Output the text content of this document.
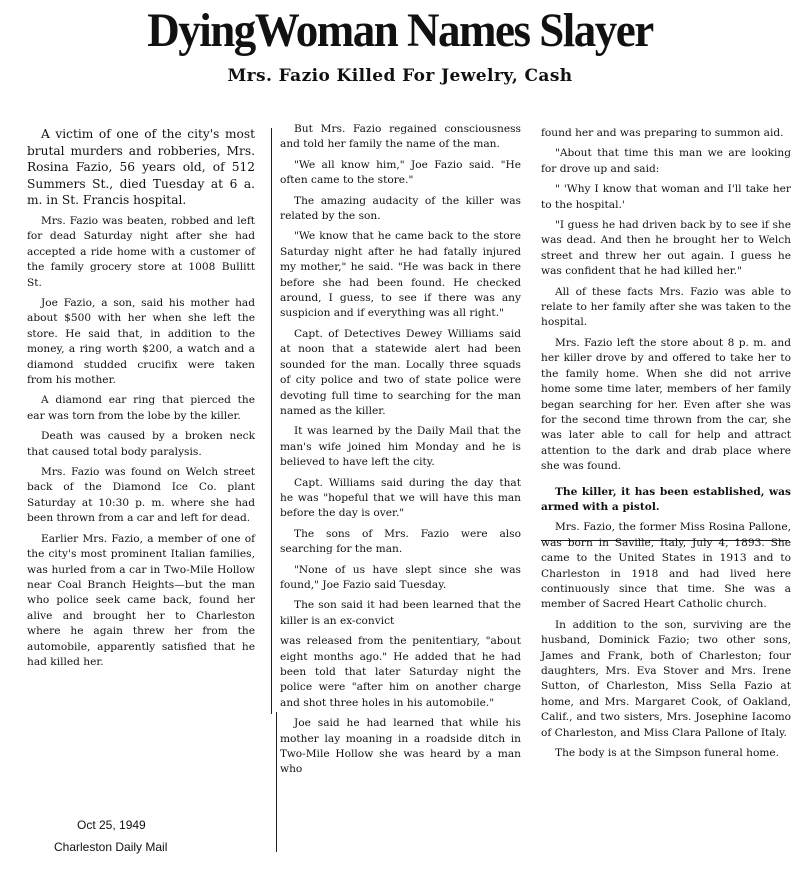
DyingWoman Names Slayer
Mrs. Fazio Killed For Jewelry, Cash

A victim of one of the city's most brutal murders and robberies, Mrs. Rosina Fazio, 56 years old, of 512 Summers St., died Tuesday at 6 a. m. in St. Francis hospital.

Mrs. Fazio was beaten, robbed and left for dead Saturday night after she had accepted a ride home with a customer of the family grocery store at 1008 Bullitt St.

Joe Fazio, a son, said his mother had about $500 with her when she left the store. He said that, in addition to the money, a ring worth $200, a watch and a diamond studded crucifix were taken from his mother.

A diamond ear ring that pierced the ear was torn from the lobe by the killer.

Death was caused by a broken neck that caused total body paralysis.

Mrs. Fazio was found on Welch street back of the Diamond Ice Co. plant Saturday at 10:30 p. m. where she had been thrown from a car and left for dead.

Earlier Mrs. Fazio, a member of one of the city's most prominent Italian families, was hurled from a car in Two-Mile Hollow near Coal Branch Heights—but the man who police seek came back, found her alive and brought her to Charleston where he again threw her from the automobile, apparently satisfied that he had killed her.

But Mrs. Fazio regained consciousness and told her family the name of the man.

"We all know him," Joe Fazio said. "He often came to the store."

The amazing audacity of the killer was related by the son.

"We know that he came back to the store Saturday night after he had fatally injured my mother," he said. "He was back in there before she had been found. He checked around, I guess, to see if there was any suspicion and if everything was all right."

Capt. of Detectives Dewey Williams said at noon that a statewide alert had been sounded for the man. Locally three squads of city police and two of state police were devoting full time to searching for the man named as the killer.

It was learned by the Daily Mail that the man's wife joined him Monday and he is believed to have left the city.

Capt. Williams said during the day that he was "hopeful that we will have this man before the day is over."

The sons of Mrs. Fazio were also searching for the man.

"None of us have slept since she was found," Joe Fazio said Tuesday.

The son said it had been learned that the killer is an ex-convict

was released from the penitentiary, "about eight months ago." He added that he had been told that later Saturday night the police were "after him on another charge and shot three holes in his automobile."

Joe said he had learned that while his mother lay moaning in a roadside ditch in Two-Mile Hollow she was heard by a man who

found her and was preparing to summon aid.

"About that time this man we are looking for drove up and said:

" 'Why I know that woman and I'll take her to the hospital.'

"I guess he had driven back by to see if she was dead. And then he brought her to Welch street and threw her out again. I guess he was confident that he had killed her."

All of these facts Mrs. Fazio was able to relate to her family after she was taken to the hospital.

Mrs. Fazio left the store about 8 p. m. and her killer drove by and offered to take her to the family home. When she did not arrive home some time later, members of her family began searching for her. Even after she was for the second time thrown from the car, she was later able to call for help and attract attention to the dark and drab place where she was found.

The killer, it has been established, was armed with a pistol.

Mrs. Fazio, the former Miss Rosina Pallone, was born in Saville, Italy, July 4, 1893. She came to the United States in 1913 and to Charleston in 1918 and had lived here continuously since that time. She was a member of Sacred Heart Catholic church.

In addition to the son, surviving are the husband, Dominick Fazio; two other sons, James and Frank, both of Charleston; four daughters, Mrs. Eva Stover and Mrs. Irene Sutton, of Charleston, Miss Sella Fazio at home, and Mrs. Margaret Cook, of Oakland, Calif., and two sisters, Mrs. Josephine Iacomo of Charleston, and Miss Clara Pallone of Italy.

The body is at the Simpson funeral home.

Oct 25, 1949
Charleston Daily Mail
